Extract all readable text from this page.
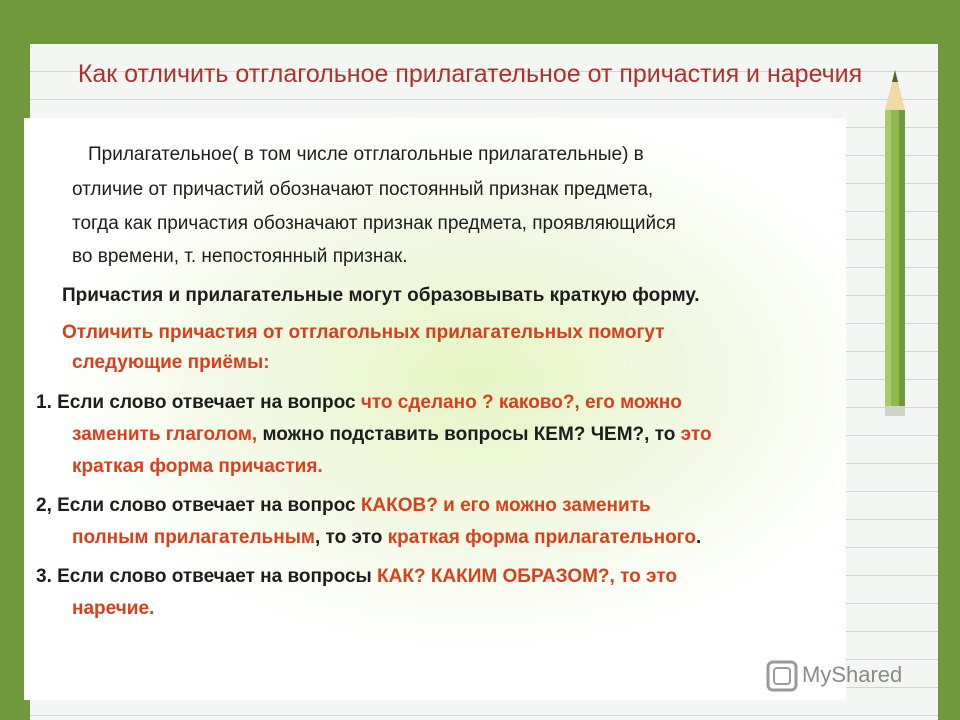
Как отличить отглагольное прилагательное от причастия и наречия

Прилагательное( в том числе отглагольные прилагательные) в

отличие от причастий обозначают постоянный признак предмета,

тогда как причастия обозначают признак предмета, проявляющийся

во времени, т. непостоянный признак.

Причастия и прилагательные могут образовывать краткую форму.

Отличить причастия от отглагольных прилагательных помогут

следующие приёмы:

1. Если слово отвечает на вопрос что сделано ? каково?, его можно

заменить глаголом, можно подставить вопросы КЕМ? ЧЕМ?, то это

краткая форма причастия.

2, Если слово отвечает на вопрос КАКОВ? и его можно заменить

полным прилагательным, то это краткая форма прилагательного.

3. Если слово отвечает на вопросы КАК? КАКИМ ОБРАЗОМ?, то это

наречие.

MyShared
